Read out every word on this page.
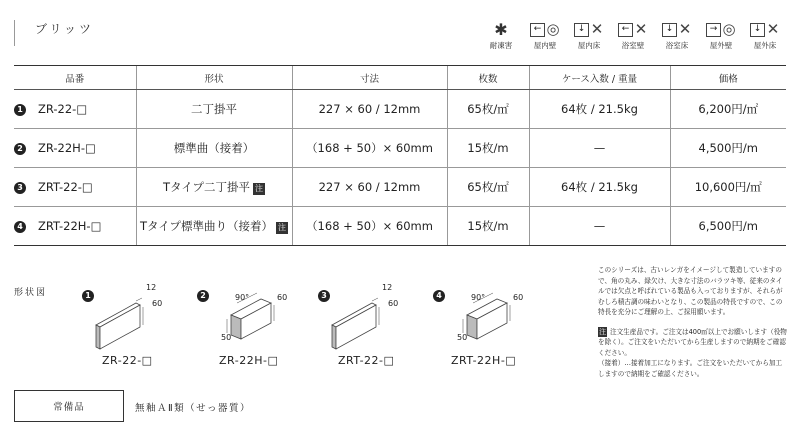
ブリッツ	✱
耐凍害
← ◎
屋内壁
↓ ✕
屋内床
← ✕
浴室壁
↓ ✕
浴室床
→ ◎
屋外壁
↓ ✕
屋外床
品番	形状	寸法	枚数	ケース入数 / 重量	価格
1 ZR-22-□	二丁掛平	227 × 60 / 12mm	65枚/㎡	64枚 / 21.5kg	6,200円/㎡
2 ZR-22H-□	標準曲（接着）	（168 + 50）× 60mm	15枚/m	—	4,500円/m
3 ZRT-22-□	Tタイプ二丁掛平 注	227 × 60 / 12mm	65枚/㎡	64枚 / 21.5kg	10,600円/㎡
4 ZRT-22H-□	Tタイプ標準曲り（接着） 注	（168 + 50）× 60mm	15枚/m	—	6,500円/m
形状図	1
12
60
ZR-22-□
2	90°	60
50
ZR-22H-□
3
12
60
ZRT-22-□
4	90°	60
50
ZRT-22H-□

このシリーズは、古いレンガをイメージして製造していますので、角の丸み、緑欠け、大きな寸法のバラツキ等、従来のタイルでは欠点と呼ばれている製品も入っておりますが、それらがむしろ積古調の味わいとなり、この製品の特長ですので、この特長を充分にご理解の上、ご採用願います。

注 注文生産品です。ご注文は400㎡以上でお願いします（役物を除く）。ご注文をいただいてから生産しますので納期をご確認ください。
（接着）…接着加工になります。ご注文をいただいてから加工しますので納期をご確認ください。
常備品	無釉ＡⅡ類（せっ器質）
